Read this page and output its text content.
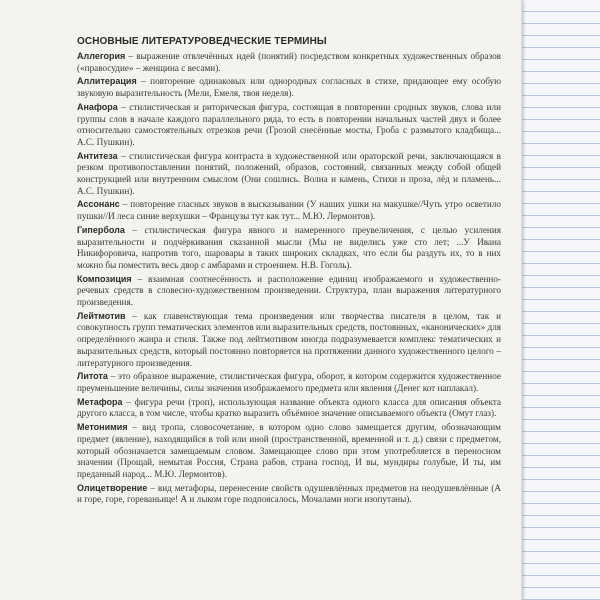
ОСНОВНЫЕ ЛИТЕРАТУРОВЕДЧЕСКИЕ ТЕРМИНЫ

Аллегория – выражение отвлечённых идей (понятий) посредством конкретных художественных образов («правосудие» – женщина с весами).

Аллитерация – повторение одинаковых или однородных согласных в стихе, придающее ему особую звуковую выразительность (Мели, Емеля, твоя неделя).

Анафора – стилистическая и риторическая фигура, состоящая в повторении сродных звуков, слова или группы слов в начале каждого параллельного ряда, то есть в повторении начальных частей двух и более относительно самостоятельных отрезков речи (Грозой снесённые мосты, Гроба с размытого кладбища... А.С. Пушкин).

Антитеза – стилистическая фигура контраста в художественной или ораторской речи, заключающаяся в резком противопоставлении понятий, положений, образов, состояний, связанных между собой общей конструкцией или внутренним смыслом (Они сошлись. Волна и камень, Стихи и проза, лёд и пламень... А.С. Пушкин).

Ассонанс – повторение гласных звуков в высказывании (У наших ушки на макушке//Чуть утро осветило пушки//И леса синие верхушки – Французы тут как тут... М.Ю. Лермонтов).

Гипербола – стилистическая фигура явного и намеренного преувеличения, с целью усиления выразительности и подчёркивания сказанной мысли (Мы не виделись уже сто лет; ...У Ивана Никифоровича, напротив того, шаровары в таких широких складках, что если бы раздуть их, то в них можно бы поместить весь двор с амбарами и строением. Н.В. Гоголь).

Композиция – взаимная соотнесённость и расположение единиц изображаемого и художественно-речевых средств в словесно-художественном произведении. Структура, план выражения литературного произведения.

Лейтмотив – как главенствующая тема произведения или творчества писателя в целом, так и совокупность групп тематических элементов или выразительных средств, постоянных, «канонических» для определённого жанра и стиля. Также под лейтмотивом иногда подразумевается комплекс тематических и выразительных средств, который постоянно повторяется на протяжении данного художественного целого – литературного произведения.

Литота – это образное выражение, стилистическая фигура, оборот, в котором содержится художественное преуменьшение величины, силы значения изображаемого предмета или явления (Денег кот наплакал).

Метафора – фигура речи (троп), использующая название объекта одного класса для описания объекта другого класса, в том числе, чтобы кратко выразить объёмное значение описываемого объекта (Омут глаз).

Метонимия – вид тропа, словосочетание, в котором одно слово замещается другим, обозначающим предмет (явление), находящийся в той или иной (пространственной, временной и т. д.) связи с предметом, который обозначается замещаемым словом. Замещающее слово при этом употребляется в переносном значении (Прощай, немытая Россия, Страна рабов, страна господ, И вы, мундиры голубые, И ты, им преданный народ... М.Ю. Лермонтов).

Олицетворение – вид метафоры, перенесение свойств одушевлённых предметов на неодушевлённые (А и горе, горе, гореваньице! А и лыком горе подпоясалось, Мочалами ноги изопутаны).
